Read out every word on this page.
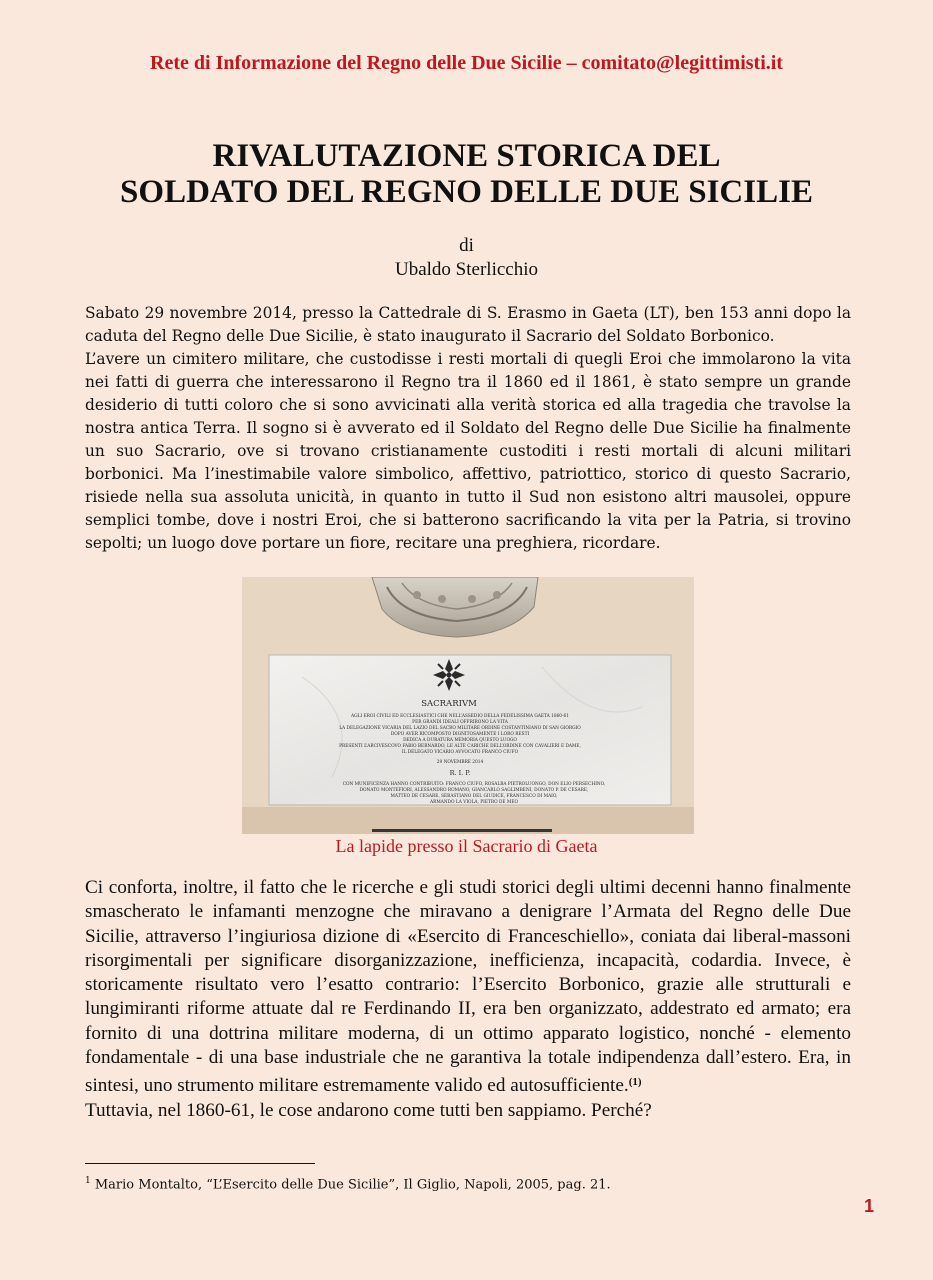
Rete di Informazione del Regno delle Due Sicilie – comitato@legittimisti.it
RIVALUTAZIONE STORICA DEL
SOLDATO DEL REGNO DELLE DUE SICILIE
di
Ubaldo Sterlicchio

Sabato 29 novembre 2014, presso la Cattedrale di S. Erasmo in Gaeta (LT), ben 153 anni dopo la caduta del Regno delle Due Sicilie, è stato inaugurato il Sacrario del Soldato Borbonico.

L’avere un cimitero militare, che custodisse i resti mortali di quegli Eroi che immolarono la vita nei fatti di guerra che interessarono il Regno tra il 1860 ed il 1861, è stato sempre un grande desiderio di tutti coloro che si sono avvicinati alla verità storica ed alla tragedia che travolse la nostra antica Terra. Il sogno si è avverato ed il Soldato del Regno delle Due Sicilie ha finalmente un suo Sacrario, ove si trovano cristianamente custoditi i resti mortali di alcuni militari borbonici. Ma l’inestimabile valore simbolico, affettivo, patriottico, storico di questo Sacrario, risiede nella sua assoluta unicità, in quanto in tutto il Sud non esistono altri mausolei, oppure semplici tombe, dove i nostri Eroi, che si batterono sacrificando la vita per la Patria, si trovino sepolti; un luogo dove portare un fiore, recitare una preghiera, ricordare.

SACRARIVM
AGLI EROI CIVILI ED ECCLESIASTICI CHE NELL’ASSEDIO DELLA FEDELISSIMA GAETA 1860-61
PER GRANDI IDEALI OFFRIRONO LA VITA
LA DELEGAZIONE VICARIA DEL LAZIO DEL SACRO MILITARE ORDINE COSTANTINIANO DI SAN GIORGIO
DOPO AVER RICOMPOSTO DIGNITOSAMENTE I LORO RESTI
DEDICA A DURATURA MEMORIA QUESTO LUOGO
PRESENTI L’ARCIVESCOVO FABIO BERNARDO, LE ALTE CARICHE DELL’ORDINE CON CAVALIERI E DAME,
IL DELEGATO VICARIO AVVOCATO FRANCO CIUFO
29 NOVEMBRE 2014
R. I. P.
CON MUNIFICENZA HANNO CONTRIBUITO: FRANCO CIUFO, ROSALBA PIETROLUONGO, DON ELIO PERSECHINO,
DONATO MONTEFIORI, ALESSANDRO ROMANO, GIANCARLO SAGLIMBENI, DONATO P. DE CESARE,
MATTEO DE CESARE, SEBASTIANO DEL GIUDICE, FRANCESCO DI MAIO,
ARMANDO LA VIOLA, PIETRO DE MEO
La lapide presso il Sacrario di Gaeta

Ci conforta, inoltre, il fatto che le ricerche e gli studi storici degli ultimi decenni hanno finalmente smascherato le infamanti menzogne che miravano a denigrare l’Armata del Regno delle Due Sicilie, attraverso l’ingiuriosa dizione di «Esercito di Franceschiello», coniata dai liberal-massoni risorgimentali per significare disorganizzazione, inefficienza, incapacità, codardia. Invece, è storicamente risultato vero l’esatto contrario: l’Esercito Borbonico, grazie alle strutturali e lungimiranti riforme attuate dal re Ferdinando II, era ben organizzato, addestrato ed armato; era fornito di una dottrina militare moderna, di un ottimo apparato logistico, nonché - elemento fondamentale - di una base industriale che ne garantiva la totale indipendenza dall’estero. Era, in sintesi, uno strumento militare estremamente valido ed autosufficiente.$^{(1)}$

Tuttavia, nel 1860-61, le cose andarono come tutti ben sappiamo. Perché?

$^1$ Mario Montalto, “L’Esercito delle Due Sicilie”, Il Giglio, Napoli, 2005, pag. 21.
1
